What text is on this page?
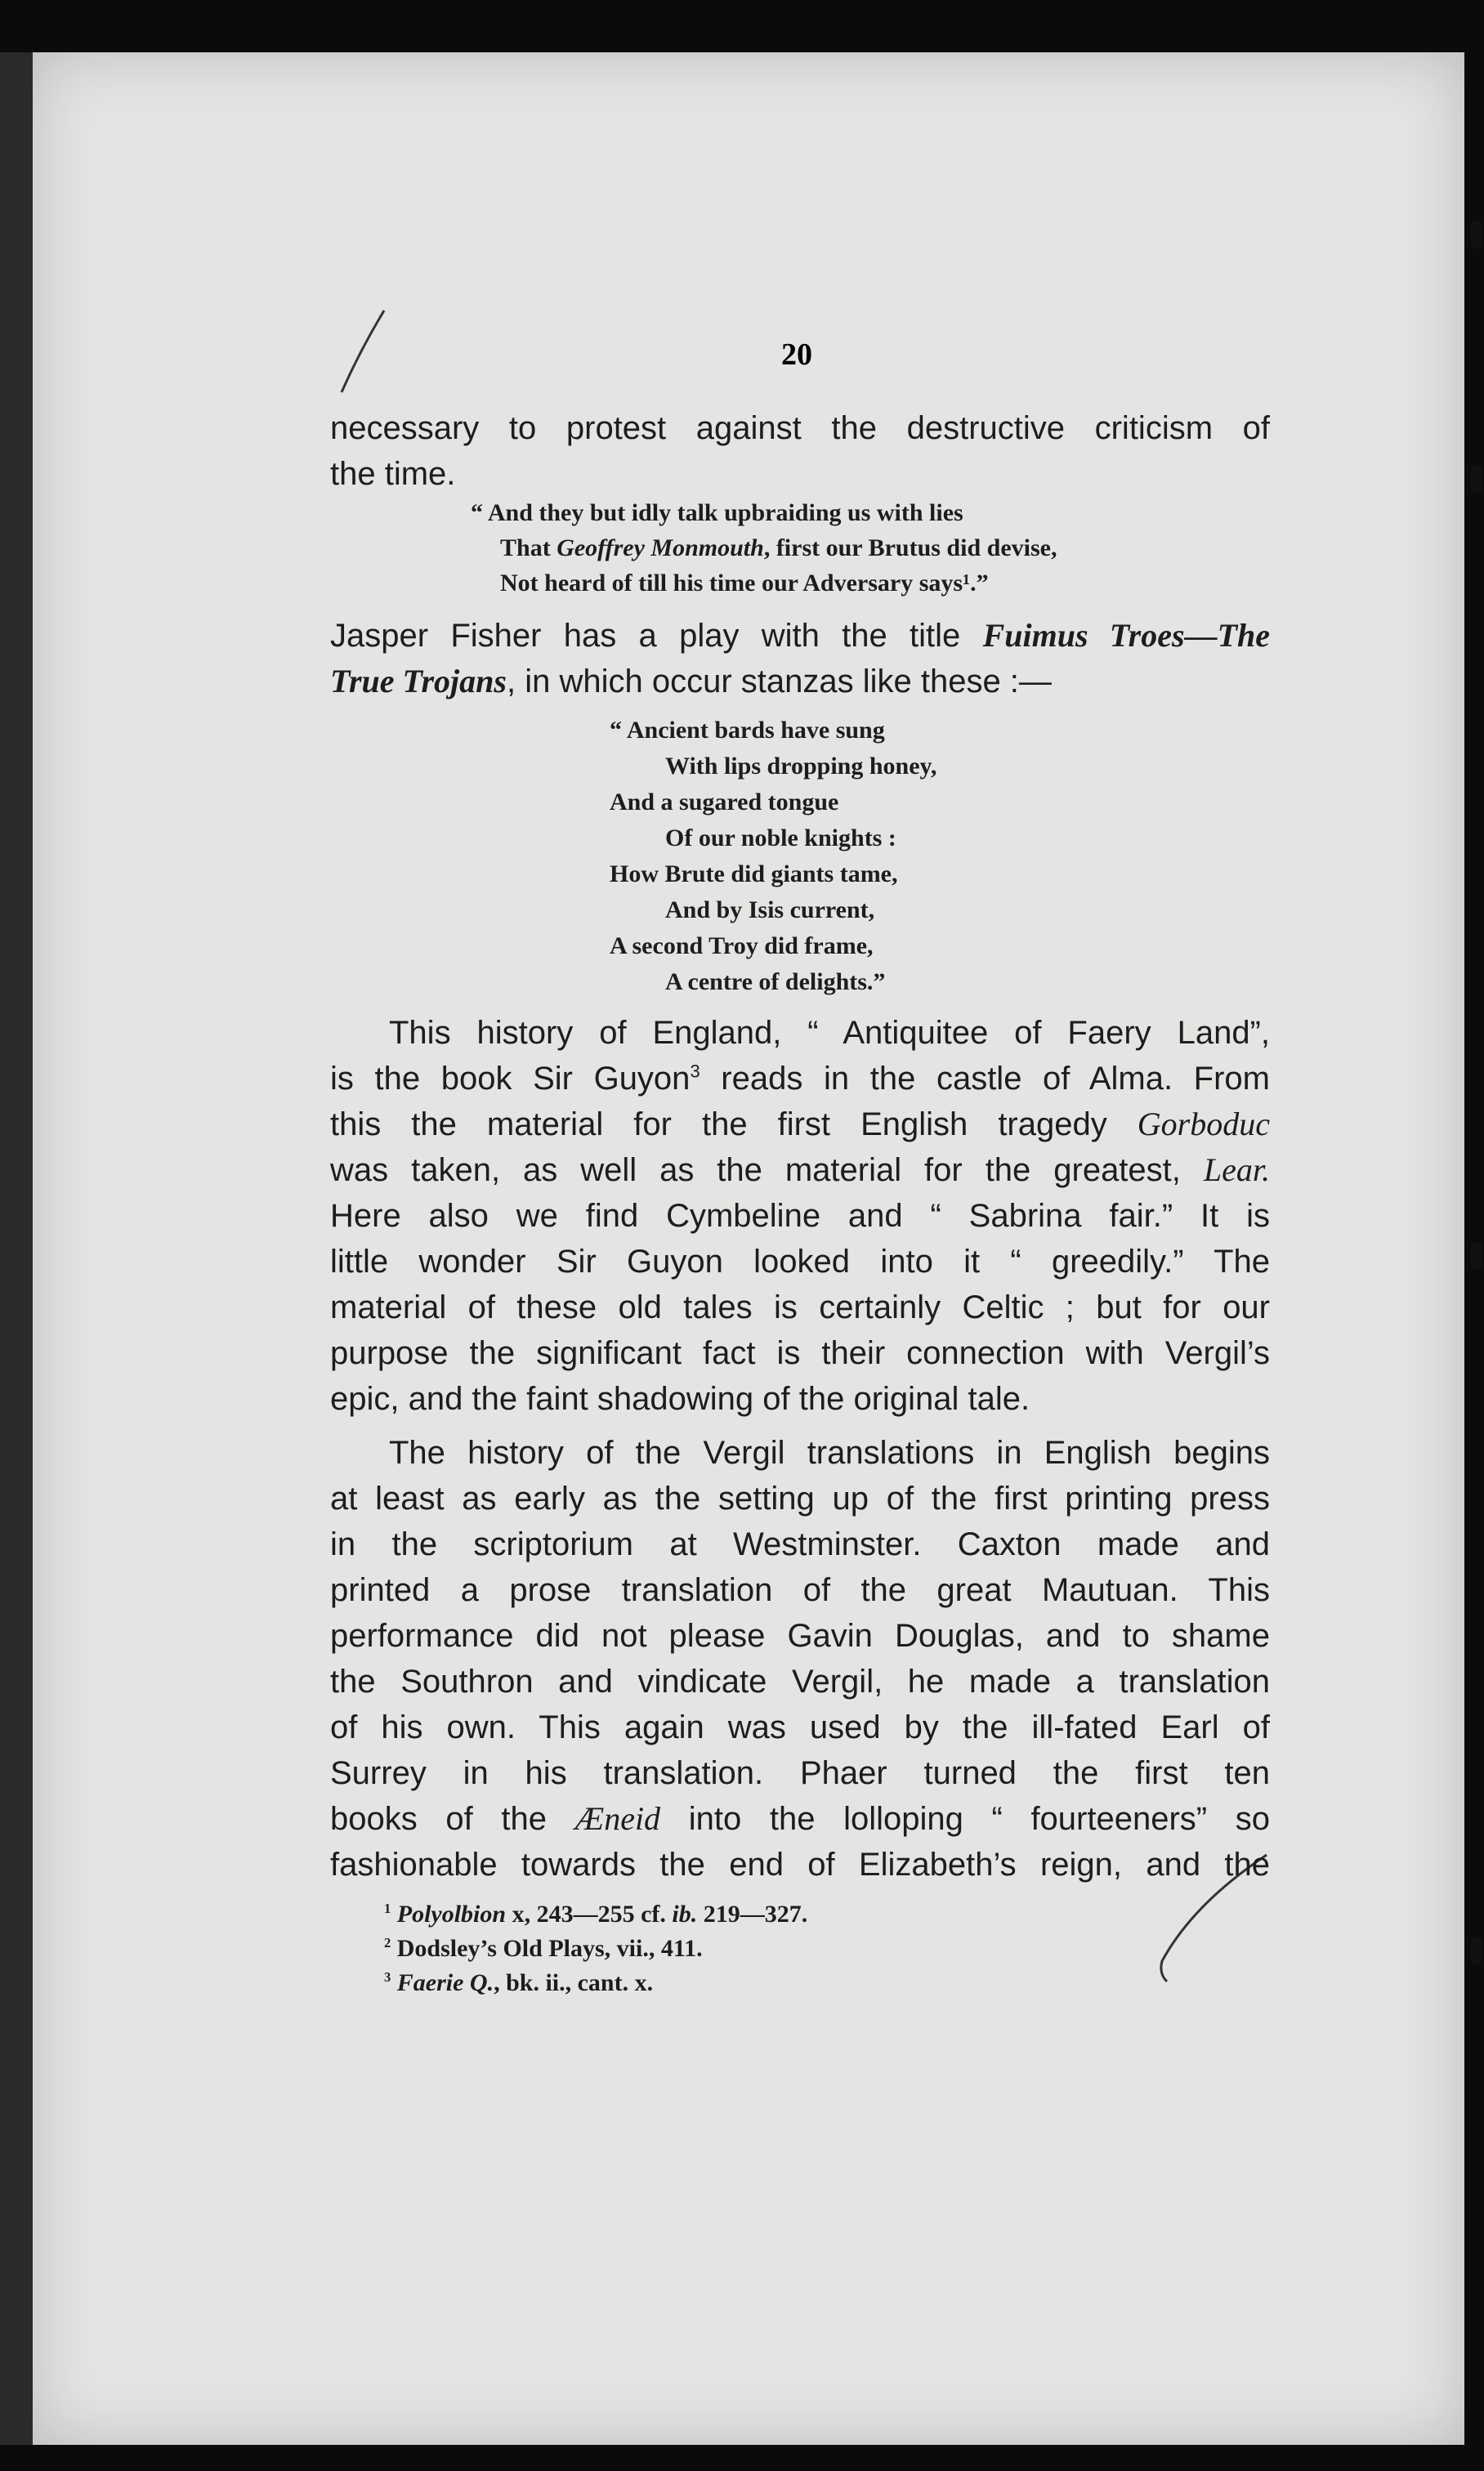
20

necessary to protest against the destructive criticism of
the time.

“ And they but idly talk upbraiding us with lies
That Geoffrey Monmouth, first our Brutus did devise,
Not heard of till his time our Adversary says¹.”

Jasper Fisher has a play with the title Fuimus Troes—The
True Trojans, in which occur stanzas like these :—

“ Ancient bards have sung
With lips dropping honey,
And a sugared tongue
Of our noble knights :
How Brute did giants tame,
And by Isis current,
A second Troy did frame,
A centre of delights.”

This history of England, “ Antiquitee of Faery Land”,
is the book Sir Guyon$^3$ reads in the castle of Alma. From
this the material for the first English tragedy Gorboduc
was taken, as well as the material for the greatest, Lear.
Here also we find Cymbeline and “ Sabrina fair.” It is
little wonder Sir Guyon looked into it “ greedily.” The
material of these old tales is certainly Celtic ; but for our
purpose the significant fact is their connection with Vergil’s
epic, and the faint shadowing of the original tale.

The history of the Vergil translations in English begins
at least as early as the setting up of the first printing press
in the scriptorium at Westminster. Caxton made and
printed a prose translation of the great Mautuan. This
performance did not please Gavin Douglas, and to shame
the Southron and vindicate Vergil, he made a translation
of his own. This again was used by the ill-fated Earl of
Surrey in his translation. Phaer turned the first ten
books of the Æneid into the lolloping “ fourteeners” so
fashionable towards the end of Elizabeth’s reign, and the

$^1$ Polyolbion x, 243—255 cf. ib. 219—327.
$^2$ Dodsley’s Old Plays, vii., 411.
$^3$ Faerie Q., bk. ii., cant. x.
